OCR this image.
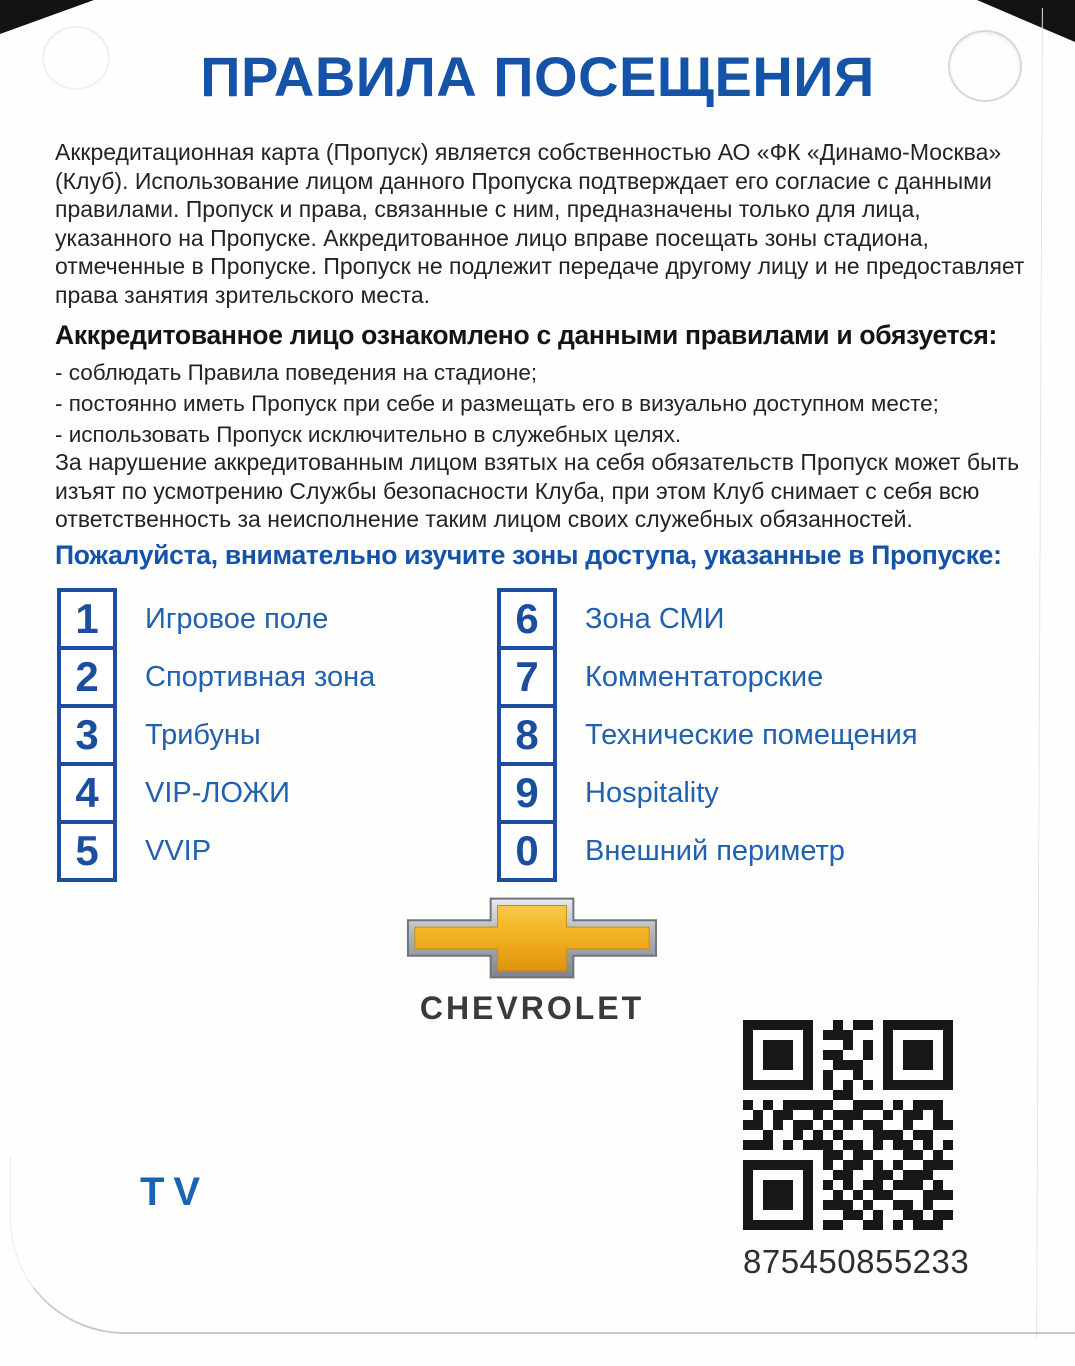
ПРАВИЛА ПОСЕЩЕНИЯ
Аккредитационная карта (Пропуск) является собственностью АО «ФК «Динамо-Москва» (Клуб). Использование лицом данного Пропуска подтверждает его согласие с данными правилами. Пропуск и права, связанные с ним, предназначены только для лица, указанного на Пропуске. Аккредитованное лицо вправе посещать зоны стадиона, отмеченные в Пропуске. Пропуск не подлежит передаче другому лицу и не предоставляет права занятия зрительского места.
Аккредитованное лицо ознакомлено с данными правилами и обязуется:
- соблюдать Правила поведения на стадионе;
- постоянно иметь Пропуск при себе и размещать его в визуально доступном месте;
- использовать Пропуск исключительно в служебных целях.
За нарушение аккредитованным лицом взятых на себя обязательств Пропуск может быть изъят по усмотрению Службы безопасности Клуба, при этом Клуб снимает с себя всю ответственность за неисполнение таким лицом своих служебных обязанностей.
Пожалуйста, внимательно изучите зоны доступа, указанные в Пропуске:
1	Игровое поле
2	Спортивная зона
3	Трибуны
4	VIP-ЛОЖИ
5	VVIP
6	Зона СМИ
7	Комментаторские
8	Технические помещения
9	Hospitality
0	Внешний периметр
CHEVROLET
875450855233
TV
